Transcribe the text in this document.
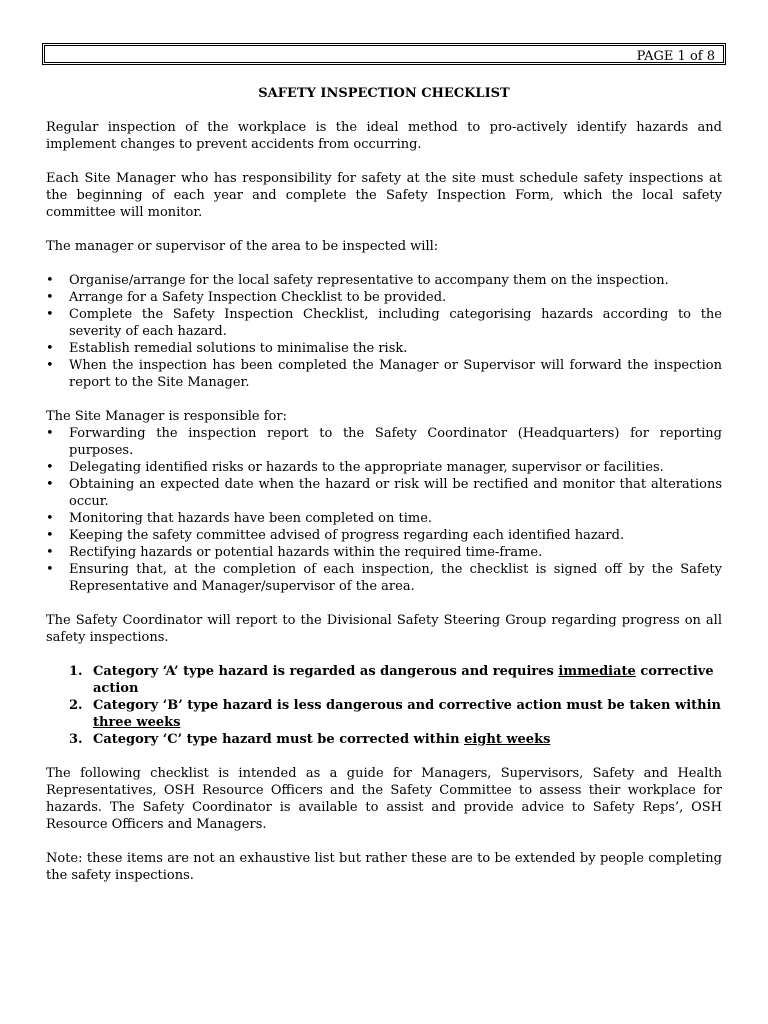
PAGE 1 of 8
SAFETY INSPECTION CHECKLIST

Regular inspection of the workplace is the ideal method to pro-actively identify hazards and implement changes to prevent accidents from occurring.

Each Site Manager who has responsibility for safety at the site must schedule safety inspections at the beginning of each year and complete the Safety Inspection Form, which the local safety committee will monitor.

The manager or supervisor of the area to be inspected will:

• Organise/arrange for the local safety representative to accompany them on the inspection.
• Arrange for a Safety Inspection Checklist to be provided.
• Complete the Safety Inspection Checklist, including categorising hazards according to the severity of each hazard.
• Establish remedial solutions to minimalise the risk.
• When the inspection has been completed the Manager or Supervisor will forward the inspection report to the Site Manager.

The Site Manager is responsible for:

• Forwarding the inspection report to the Safety Coordinator (Headquarters) for reporting purposes.
• Delegating identified risks or hazards to the appropriate manager, supervisor or facilities.
• Obtaining an expected date when the hazard or risk will be rectified and monitor that alterations occur.
• Monitoring that hazards have been completed on time.
• Keeping the safety committee advised of progress regarding each identified hazard.
• Rectifying hazards or potential hazards within the required time-frame.
• Ensuring that, at the completion of each inspection, the checklist is signed off by the Safety Representative and Manager/supervisor of the area.

The Safety Coordinator will report to the Divisional Safety Steering Group regarding progress on all safety inspections.

1. Category ‘A’ type hazard is regarded as dangerous and requires immediate corrective action
2. Category ‘B’ type hazard is less dangerous and corrective action must be taken within three weeks
3. Category ‘C’ type hazard must be corrected within eight weeks

The following checklist is intended as a guide for Managers, Supervisors, Safety and Health Representatives, OSH Resource Officers and the Safety Committee to assess their workplace for hazards. The Safety Coordinator is available to assist and provide advice to Safety Reps’, OSH Resource Officers and Managers.

Note: these items are not an exhaustive list but rather these are to be extended by people completing the safety inspections.
